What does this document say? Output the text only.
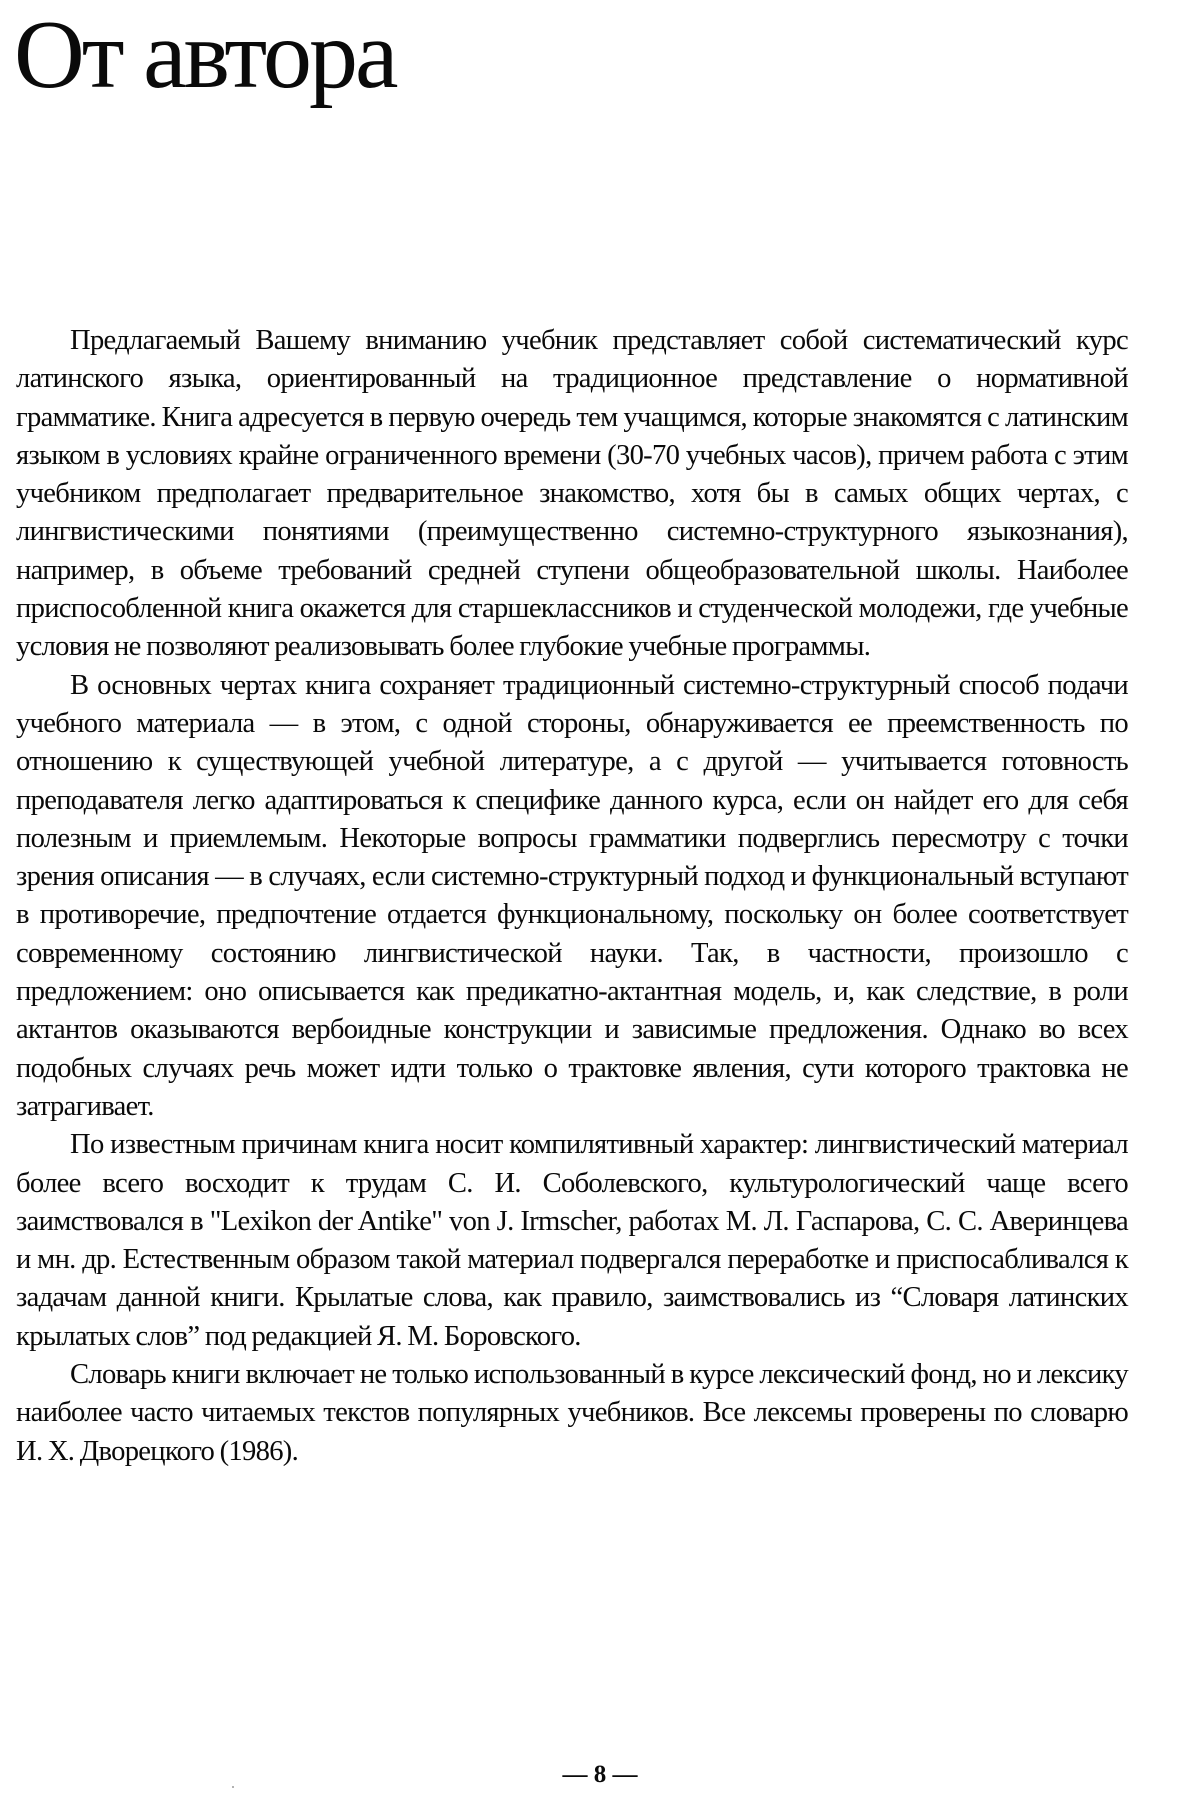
От автора

Предлагаемый Вашему вниманию учебник представляет собой систематический курс латинского языка, ориентированный на традиционное представление о нормативной грамматике. Книга адресуется в первую очередь тем учащимся, которые знакомятся с латинским языком в условиях крайне ограниченного времени (30-70 учебных часов), причем работа с этим учебником предполагает предварительное знакомство, хотя бы в самых общих чертах, с лингвистическими понятиями (преимущественно системно-структурного языкознания), например, в объеме требований средней ступени общеобразовательной школы. Наиболее приспособленной книга окажется для старшеклассников и студенческой молодежи, где учебные условия не позволяют реализовывать более глубокие учебные программы.

В основных чертах книга сохраняет традиционный системно-структурный способ подачи учебного материала — в этом, с одной стороны, обнаруживается ее преемственность по отношению к существующей учебной литературе, а с другой — учитывается готовность преподавателя легко адаптироваться к специфике данного курса, если он найдет его для себя полезным и приемлемым. Некоторые вопросы грамматики подверглись пересмотру с точки зрения описания — в случаях, если системно-структурный подход и функциональный вступают в противоречие, предпочтение отдается функциональному, поскольку он более соответствует современному состоянию лингвистической науки. Так, в частности, произошло с предложением: оно описывается как предикатно-актантная модель, и, как следствие, в роли актантов оказываются вербоидные конструкции и зависимые предложения. Однако во всех подобных случаях речь может идти только о трактовке явления, сути которого трактовка не затрагивает.

По известным причинам книга носит компилятивный характер: лингвистический материал более всего восходит к трудам С. И. Соболевского, культурологический чаще всего заимствовался в "Lexikon der Antike" von J. Irmscher, работах М. Л. Гаспарова, С. С. Аверинцева и мн. др. Естественным образом такой материал подвергался переработке и приспосабливался к задачам данной книги. Крылатые слова, как правило, заимствовались из “Словаря латинских крылатых слов” под редакцией Я. М. Боровского.

Словарь книги включает не только использованный в курсе лексический фонд, но и лексику наиболее часто читаемых текстов популярных учебников. Все лексемы проверены по словарю И. Х. Дворецкого (1986).

— 8 —
